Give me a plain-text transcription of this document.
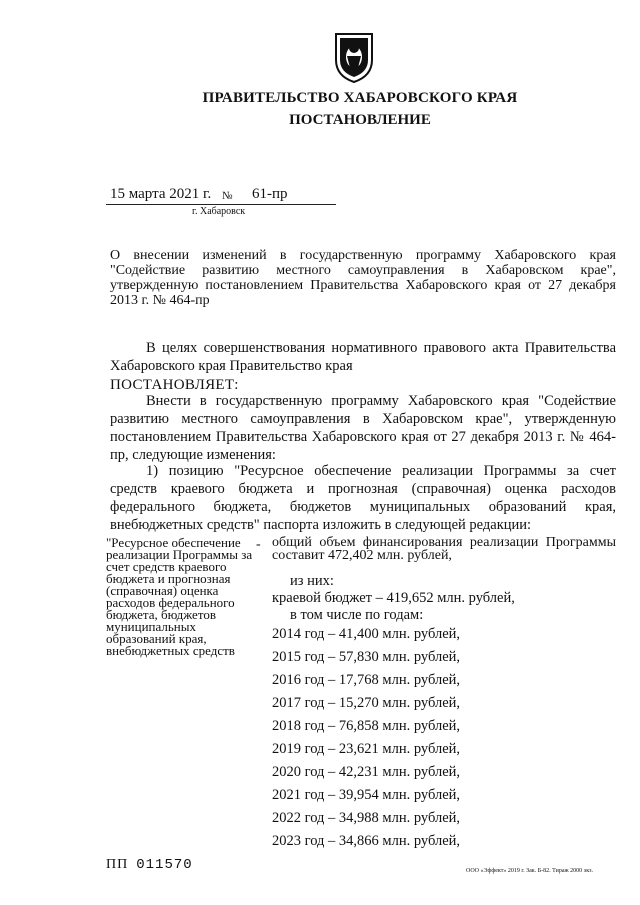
ПРАВИТЕЛЬСТВО ХАБАРОВСКОГО КРАЯ
ПОСТАНОВЛЕНИЕ
15 марта 2021 г. № 61-пр
г. Хабаровск
О внесении изменений в государственную программу Хабаровского края "Содействие развитию местного самоуправления в Хабаровском крае", утвержденную постановлением Правительства Хабаровского края от 27 декабря 2013 г. № 464-пр
В целях совершенствования нормативного правового акта Правительства Хабаровского края Правительство края
ПОСТАНОВЛЯЕТ:
Внести в государственную программу Хабаровского края "Содействие развитию местного самоуправления в Хабаровском крае", утвержденную постановлением Правительства Хабаровского края от 27 декабря 2013 г. № 464-пр, следующие изменения:
1) позицию "Ресурсное обеспечение реализации Программы за счет средств краевого бюджета и прогнозная (справочная) оценка расходов федерального бюджета, бюджетов муниципальных образований края, внебюджетных средств" паспорта изложить в следующей редакции:
"Ресурсное обеспечение реализации Программы за счет средств краевого бюджета и прогнозная (справочная) оценка расходов федерального бюджета, бюджетов муниципальных образований края, внебюджетных средств
- общий объем финансирования реализации Программы составит 472,402 млн. рублей,
из них:
краевой бюджет – 419,652 млн. рублей,
в том числе по годам:
2014 год – 41,400 млн. рублей,
2015 год – 57,830 млн. рублей,
2016 год – 17,768 млн. рублей,
2017 год – 15,270 млн. рублей,
2018 год – 76,858 млн. рублей,
2019 год – 23,621 млн. рублей,
2020 год – 42,231 млн. рублей,
2021 год – 39,954 млн. рублей,
2022 год – 34,988 млн. рублей,
2023 год – 34,866 млн. рублей,
ПП 011570	ООО «Эффект» 2019 г. Зак. Б-82. Тираж 2000 экз.
